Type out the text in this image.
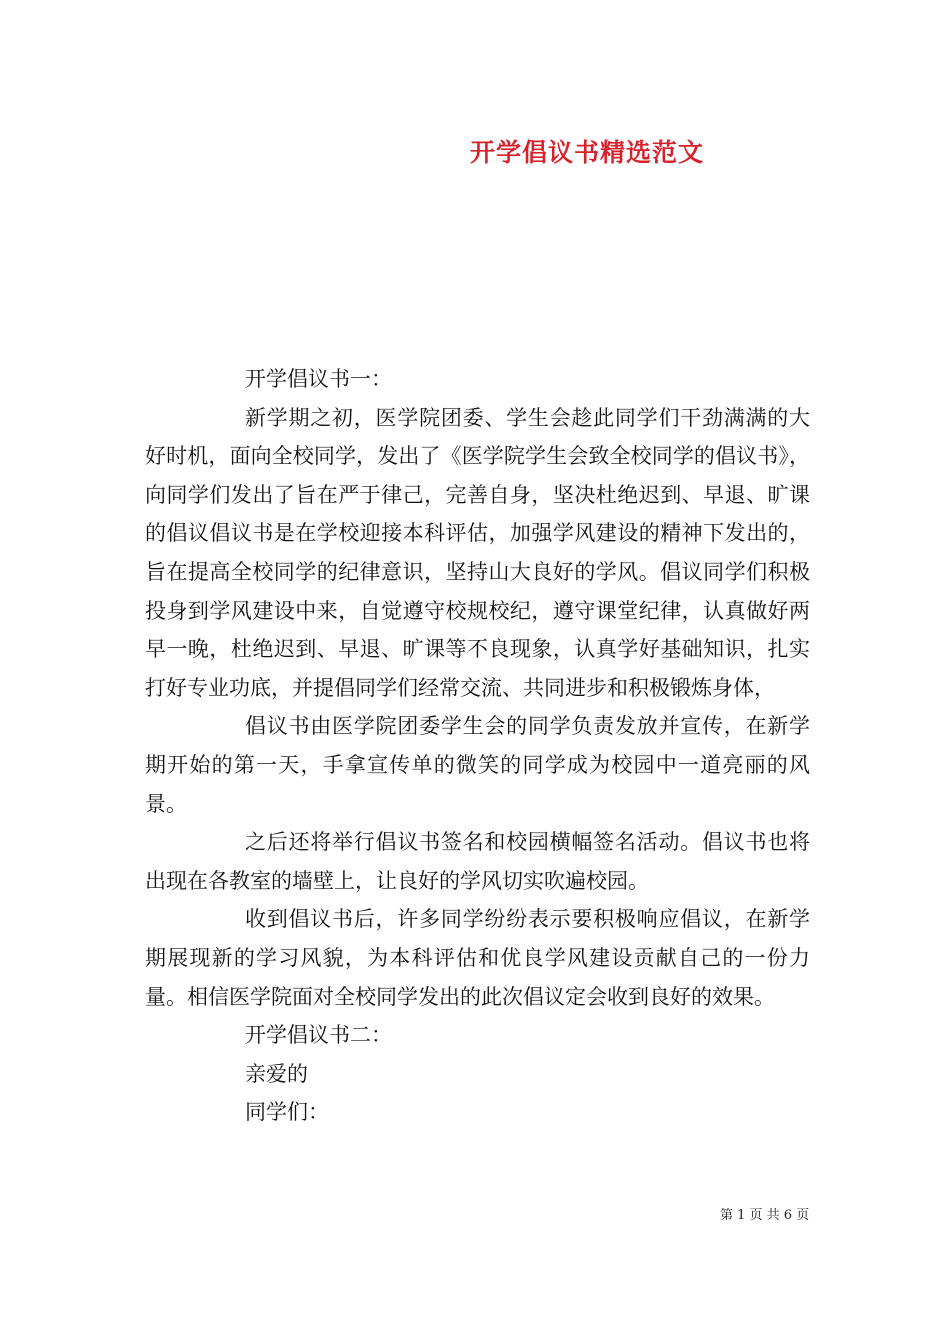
开学倡议书精选范文

开学倡议书一：

新学期之初，医学院团委、学生会趁此同学们干劲满满的大好时机，面向全校同学，发出了《医学院学生会致全校同学的倡议书》，向同学们发出了旨在严于律己，完善自身，坚决杜绝迟到、早退、旷课的倡议倡议书是在学校迎接本科评估，加强学风建设的精神下发出的，旨在提高全校同学的纪律意识，坚持山大良好的学风。倡议同学们积极投身到学风建设中来，自觉遵守校规校纪，遵守课堂纪律，认真做好两早一晚，杜绝迟到、早退、旷课等不良现象，认真学好基础知识，扎实打好专业功底，并提倡同学们经常交流、共同进步和积极锻炼身体，

倡议书由医学院团委学生会的同学负责发放并宣传，在新学期开始的第一天，手拿宣传单的微笑的同学成为校园中一道亮丽的风景。

之后还将举行倡议书签名和校园横幅签名活动。倡议书也将出现在各教室的墙壁上，让良好的学风切实吹遍校园。

收到倡议书后，许多同学纷纷表示要积极响应倡议，在新学期展现新的学习风貌，为本科评估和优良学风建设贡献自己的一份力量。相信医学院面对全校同学发出的此次倡议定会收到良好的效果。

开学倡议书二：

亲爱的

同学们：

第 1 页 共 6 页
